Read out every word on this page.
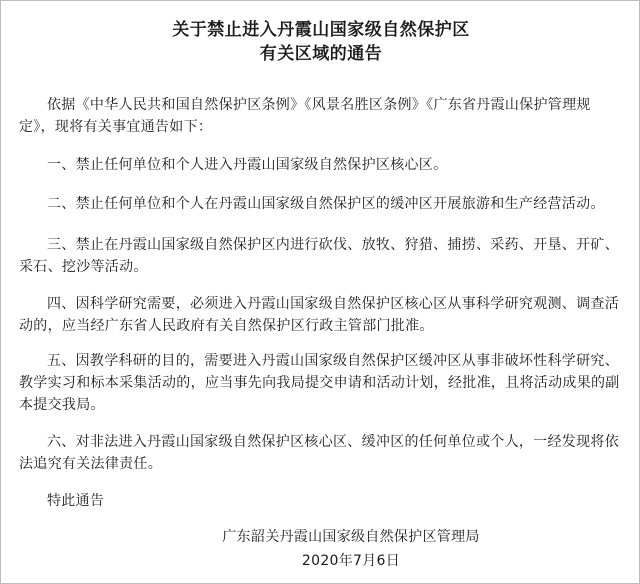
关于禁止进入丹霞山国家级自然保护区
有关区域的通告

依据《中华人民共和国自然保护区条例》《风景名胜区条例》《广东省丹霞山保护管理规定》，现将有关事宜通告如下：

一、禁止任何单位和个人进入丹霞山国家级自然保护区核心区。

二、禁止任何单位和个人在丹霞山国家级自然保护区的缓冲区开展旅游和生产经营活动。

三、禁止在丹霞山国家级自然保护区内进行砍伐、放牧、狩猎、捕捞、采药、开垦、开矿、采石、挖沙等活动。

四、因科学研究需要，必须进入丹霞山国家级自然保护区核心区从事科学研究观测、调查活动的，应当经广东省人民政府有关自然保护区行政主管部门批准。

五、因教学科研的目的，需要进入丹霞山国家级自然保护区缓冲区从事非破坏性科学研究、教学实习和标本采集活动的，应当事先向我局提交申请和活动计划，经批准，且将活动成果的副本提交我局。

六、对非法进入丹霞山国家级自然保护区核心区、缓冲区的任何单位或个人，一经发现将依法追究有关法律责任。

特此通告

广东韶关丹霞山国家级自然保护区管理局

2020年7月6日
